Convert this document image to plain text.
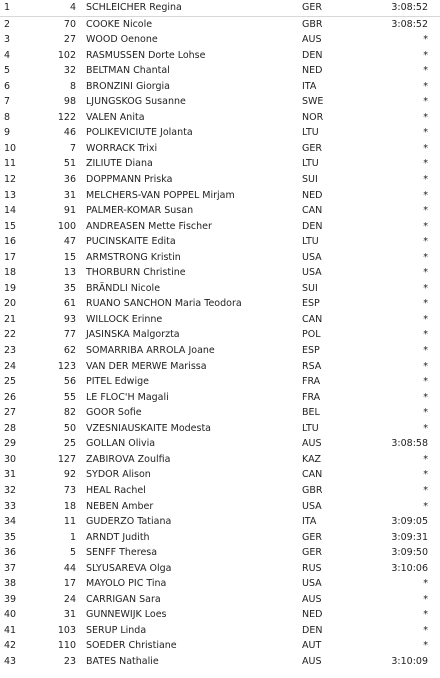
1	4 SCHLEICHER Regina	GER	3:08:52
2	70 COOKE Nicole	GBR	3:08:52
3	27 WOOD Oenone	AUS	*
4	102 RASMUSSEN Dorte Lohse	DEN	*
5	32 BELTMAN Chantal	NED	*
6	8 BRONZINI Giorgia	ITA	*
7	98 LJUNGSKOG Susanne	SWE	*
8	122 VALEN Anita	NOR	*
9	46 POLIKEVICIUTE Jolanta	LTU	*
10	7 WORRACK Trixi	GER	*
11	51 ZILIUTE Diana	LTU	*
12	36 DOPPMANN Priska	SUI	*
13	31 MELCHERS-VAN POPPEL Mirjam	NED	*
14	91 PALMER-KOMAR Susan	CAN	*
15	100 ANDREASEN Mette Fischer	DEN	*
16	47 PUCINSKAITE Edita	LTU	*
17	15 ARMSTRONG Kristin	USA	*
18	13 THORBURN Christine	USA	*
19	35 BRÄNDLI Nicole	SUI	*
20	61 RUANO SANCHON Maria Teodora	ESP	*
21	93 WILLOCK Erinne	CAN	*
22	77 JASINSKA Malgorzta	POL	*
23	62 SOMARRIBA ARROLA Joane	ESP	*
24	123 VAN DER MERWE Marissa	RSA	*
25	56 PITEL Edwige	FRA	*
26	55 LE FLOC'H Magali	FRA	*
27	82 GOOR Sofie	BEL	*
28	50 VZESNIAUSKAITE Modesta	LTU	*
29	25 GOLLAN Olivia	AUS	3:08:58
30	127 ZABIROVA Zoulfia	KAZ	*
31	92 SYDOR Alison	CAN	*
32	73 HEAL Rachel	GBR	*
33	18 NEBEN Amber	USA	*
34	11 GUDERZO Tatiana	ITA	3:09:05
35	1 ARNDT Judith	GER	3:09:31
36	5 SENFF Theresa	GER	3:09:50
37	44 SLYUSAREVA Olga	RUS	3:10:06
38	17 MAYOLO PIC Tina	USA	*
39	24 CARRIGAN Sara	AUS	*
40	31 GUNNEWIJK Loes	NED	*
41	103 SERUP Linda	DEN	*
42	110 SOEDER Christiane	AUT	*
43	23 BATES Nathalie	AUS	3:10:09
